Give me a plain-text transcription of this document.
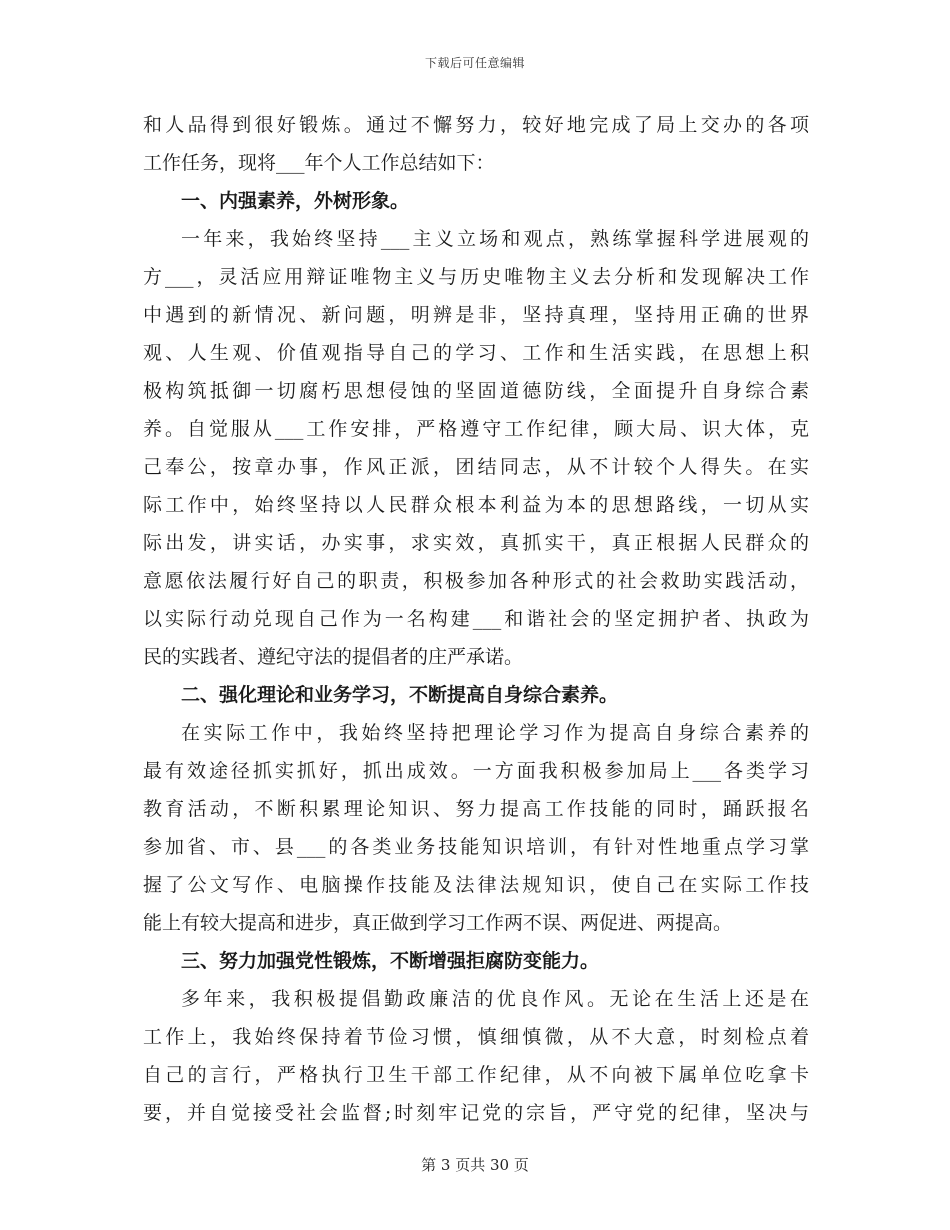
下载后可任意编辑
和人品得到很好锻炼。通过不懈努力，较好地完成了局上交办的各项
工作任务，现将___年个人工作总结如下：
一、内强素养，外树形象。
一年来，我始终坚持___主义立场和观点，熟练掌握科学进展观的
方___，灵活应用辩证唯物主义与历史唯物主义去分析和发现解决工作
中遇到的新情况、新问题，明辨是非，坚持真理，坚持用正确的世界
观、人生观、价值观指导自己的学习、工作和生活实践，在思想上积
极构筑抵御一切腐朽思想侵蚀的坚固道德防线，全面提升自身综合素
养。自觉服从___工作安排，严格遵守工作纪律，顾大局、识大体，克
己奉公，按章办事，作风正派，团结同志，从不计较个人得失。在实
际工作中，始终坚持以人民群众根本利益为本的思想路线，一切从实
际出发，讲实话，办实事，求实效，真抓实干，真正根据人民群众的
意愿依法履行好自己的职责，积极参加各种形式的社会救助实践活动，
以实际行动兑现自己作为一名构建___和谐社会的坚定拥护者、执政为
民的实践者、遵纪守法的提倡者的庄严承诺。
二、强化理论和业务学习，不断提高自身综合素养。
在实际工作中，我始终坚持把理论学习作为提高自身综合素养的
最有效途径抓实抓好，抓出成效。一方面我积极参加局上___各类学习
教育活动，不断积累理论知识、努力提高工作技能的同时，踊跃报名
参加省、市、县___的各类业务技能知识培训，有针对性地重点学习掌
握了公文写作、电脑操作技能及法律法规知识，使自己在实际工作技
能上有较大提高和进步，真正做到学习工作两不误、两促进、两提高。
三、努力加强党性锻炼，不断增强拒腐防变能力。
多年来，我积极提倡勤政廉洁的优良作风。无论在生活上还是在
工作上，我始终保持着节俭习惯，慎细慎微，从不大意，时刻检点着
自己的言行，严格执行卫生干部工作纪律，从不向被下属单位吃拿卡
要，并自觉接受社会监督;时刻牢记党的宗旨，严守党的纪律，坚决与
第 3 页共 30 页
